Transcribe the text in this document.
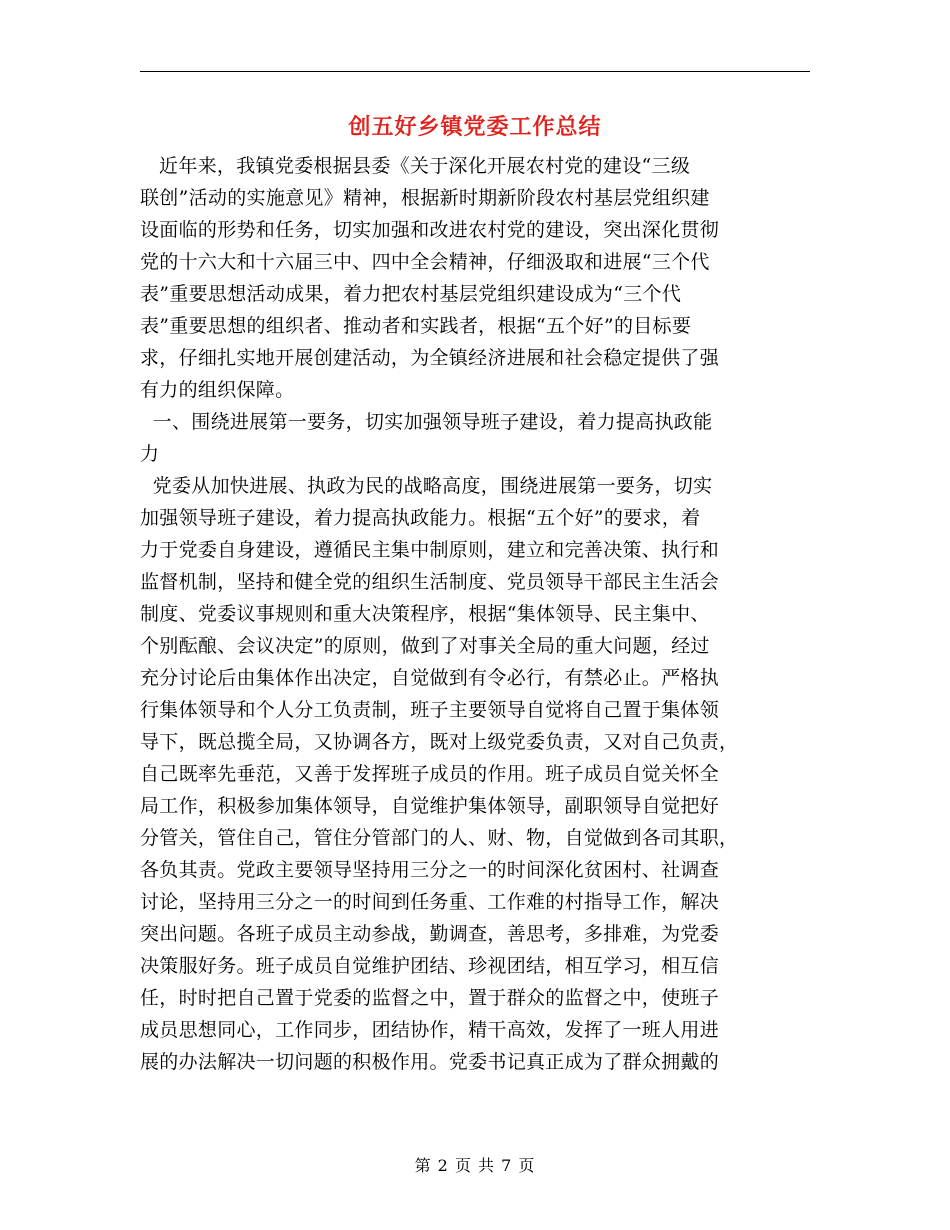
创五好乡镇党委工作总结
近年来，我镇党委根据县委《关于深化开展农村党的建设“三级
联创”活动的实施意见》精神，根据新时期新阶段农村基层党组织建
设面临的形势和任务，切实加强和改进农村党的建设，突出深化贯彻
党的十六大和十六届三中、四中全会精神，仔细汲取和进展“三个代
表”重要思想活动成果，着力把农村基层党组织建设成为“三个代
表”重要思想的组织者、推动者和实践者，根据“五个好”的目标要
求，仔细扎实地开展创建活动，为全镇经济进展和社会稳定提供了强
有力的组织保障。
一、围绕进展第一要务，切实加强领导班子建设，着力提高执政能
力
党委从加快进展、执政为民的战略高度，围绕进展第一要务，切实
加强领导班子建设，着力提高执政能力。根据“五个好”的要求，着
力于党委自身建设，遵循民主集中制原则，建立和完善决策、执行和
监督机制，坚持和健全党的组织生活制度、党员领导干部民主生活会
制度、党委议事规则和重大决策程序，根据“集体领导、民主集中、
个别酝酿、会议决定”的原则，做到了对事关全局的重大问题，经过
充分讨论后由集体作出决定，自觉做到有令必行，有禁必止。严格执
行集体领导和个人分工负责制，班子主要领导自觉将自己置于集体领
导下，既总揽全局，又协调各方，既对上级党委负责，又对自己负责，
自己既率先垂范，又善于发挥班子成员的作用。班子成员自觉关怀全
局工作，积极参加集体领导，自觉维护集体领导，副职领导自觉把好
分管关，管住自己，管住分管部门的人、财、物，自觉做到各司其职，
各负其责。党政主要领导坚持用三分之一的时间深化贫困村、社调查
讨论，坚持用三分之一的时间到任务重、工作难的村指导工作，解决
突出问题。各班子成员主动参战，勤调查，善思考，多排难，为党委
决策服好务。班子成员自觉维护团结、珍视团结，相互学习，相互信
任，时时把自己置于党委的监督之中，置于群众的监督之中，使班子
成员思想同心，工作同步，团结协作，精干高效，发挥了一班人用进
展的办法解决一切问题的积极作用。党委书记真正成为了群众拥戴的
第 2 页 共 7 页
